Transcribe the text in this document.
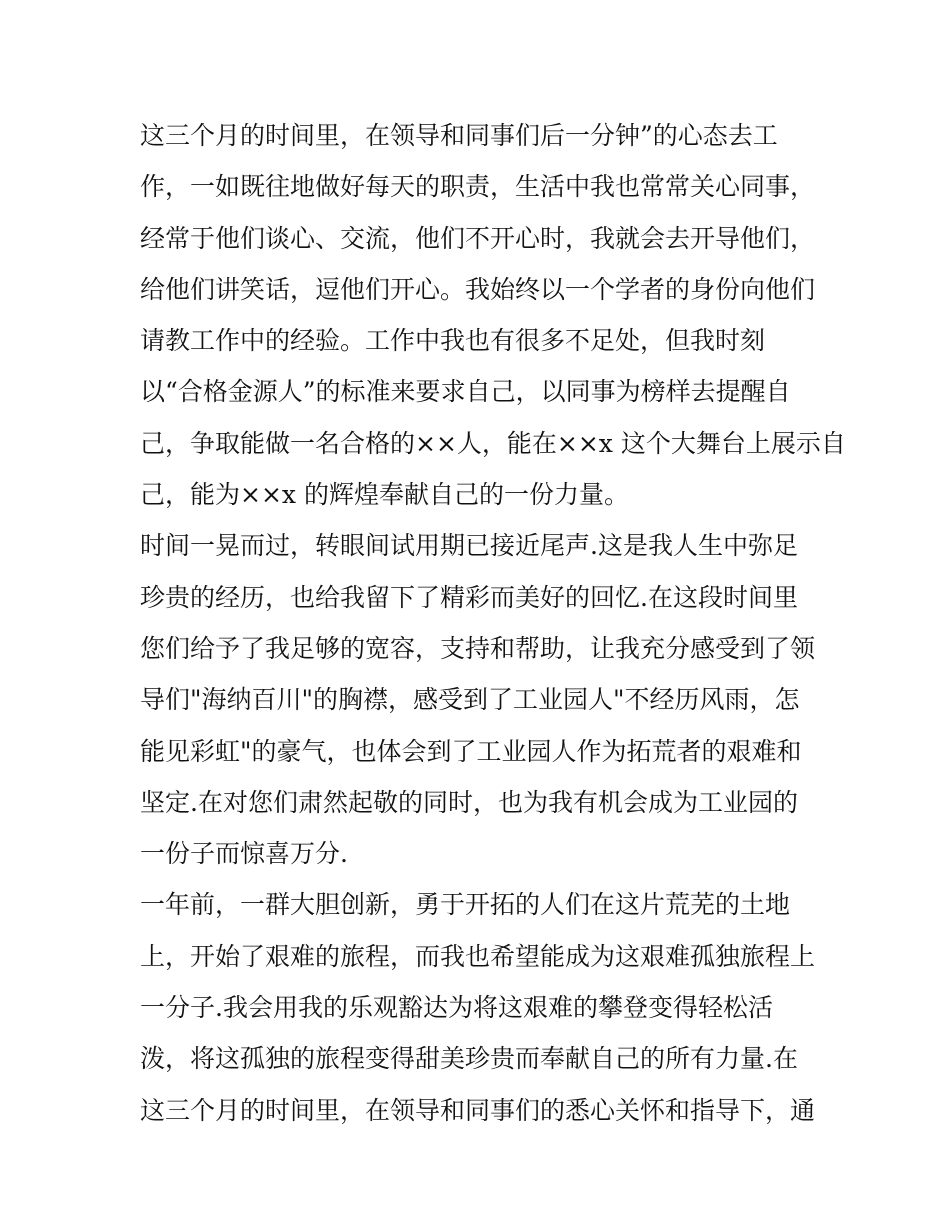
这三个月的时间里，在领导和同事们后一分钟”的心态去工
作，一如既往地做好每天的职责，生活中我也常常关心同事，
经常于他们谈心、交流，他们不开心时，我就会去开导他们，
给他们讲笑话，逗他们开心。我始终以一个学者的身份向他们
请教工作中的经验。工作中我也有很多不足处，但我时刻
以“合格金源人”的标准来要求自己，以同事为榜样去提醒自
己，争取能做一名合格的××人，能在××x 这个大舞台上展示自
己，能为××x 的辉煌奉献自己的一份力量。
时间一晃而过，转眼间试用期已接近尾声.这是我人生中弥足
珍贵的经历，也给我留下了精彩而美好的回忆.在这段时间里
您们给予了我足够的宽容，支持和帮助，让我充分感受到了领
导们"海纳百川"的胸襟，感受到了工业园人"不经历风雨，怎
能见彩虹"的豪气，也体会到了工业园人作为拓荒者的艰难和
坚定.在对您们肃然起敬的同时，也为我有机会成为工业园的
一份子而惊喜万分.
一年前，一群大胆创新，勇于开拓的人们在这片荒芜的土地
上，开始了艰难的旅程，而我也希望能成为这艰难孤独旅程上
一分子.我会用我的乐观豁达为将这艰难的攀登变得轻松活
泼，将这孤独的旅程变得甜美珍贵而奉献自己的所有力量.在
这三个月的时间里，在领导和同事们的悉心关怀和指导下，通
